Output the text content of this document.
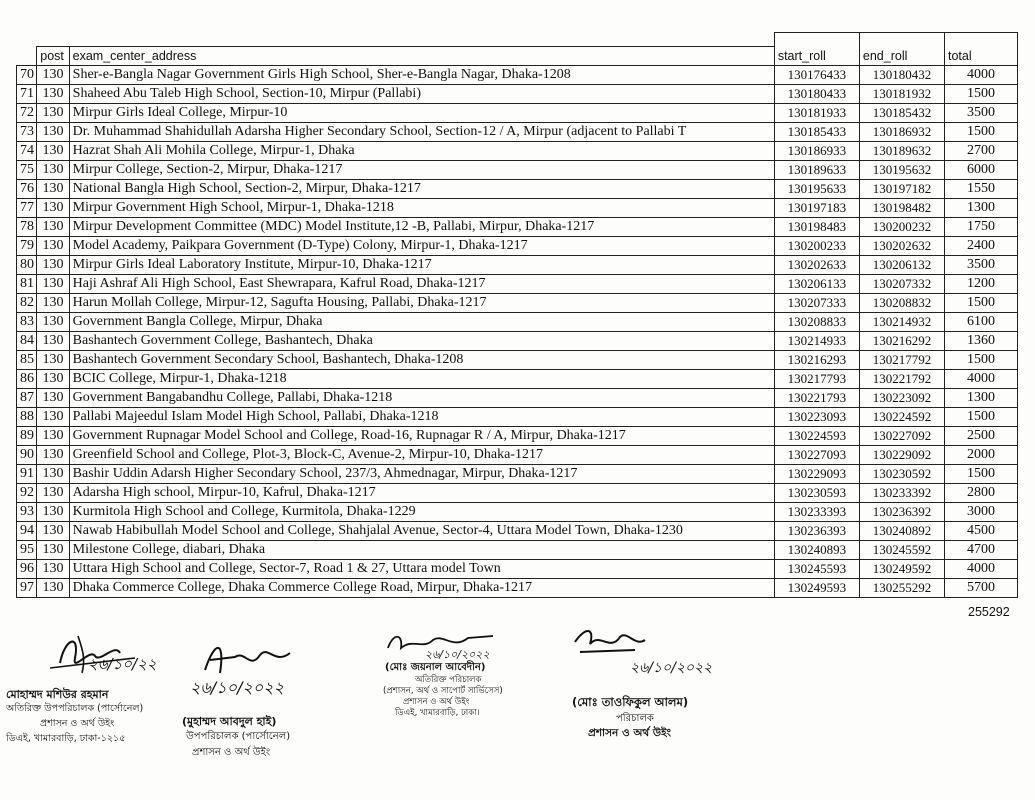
			start_roll	end_roll	total
	post	exam_center_address			
70	130	Sher-e-Bangla Nagar Government Girls High School, Sher-e-Bangla Nagar, Dhaka-1208	130176433	130180432	4000
71	130	Shaheed Abu Taleb High School, Section-10, Mirpur (Pallabi)	130180433	130181932	1500
72	130	Mirpur Girls Ideal College, Mirpur-10	130181933	130185432	3500
73	130	Dr. Muhammad Shahidullah Adarsha Higher Secondary School, Section-12 / A, Mirpur (adjacent to Pallabi T	130185433	130186932	1500
74	130	Hazrat Shah Ali Mohila College, Mirpur-1, Dhaka	130186933	130189632	2700
75	130	Mirpur College, Section-2, Mirpur, Dhaka-1217	130189633	130195632	6000
76	130	National Bangla High School, Section-2, Mirpur, Dhaka-1217	130195633	130197182	1550
77	130	Mirpur Government High School, Mirpur-1, Dhaka-1218	130197183	130198482	1300
78	130	Mirpur Development Committee (MDC) Model Institute,12 -B, Pallabi, Mirpur, Dhaka-1217	130198483	130200232	1750
79	130	Model Academy, Paikpara Government (D-Type) Colony, Mirpur-1, Dhaka-1217	130200233	130202632	2400
80	130	Mirpur Girls Ideal Laboratory Institute, Mirpur-10, Dhaka-1217	130202633	130206132	3500
81	130	Haji Ashraf Ali High School, East Shewrapara, Kafrul Road, Dhaka-1217	130206133	130207332	1200
82	130	Harun Mollah College, Mirpur-12, Sagufta Housing, Pallabi, Dhaka-1217	130207333	130208832	1500
83	130	Government Bangla College, Mirpur, Dhaka	130208833	130214932	6100
84	130	Bashantech Government College, Bashantech, Dhaka	130214933	130216292	1360
85	130	Bashantech Government Secondary School, Bashantech, Dhaka-1208	130216293	130217792	1500
86	130	BCIC College, Mirpur-1, Dhaka-1218	130217793	130221792	4000
87	130	Government Bangabandhu College, Pallabi, Dhaka-1218	130221793	130223092	1300
88	130	Pallabi Majeedul Islam Model High School, Pallabi, Dhaka-1218	130223093	130224592	1500
89	130	Government Rupnagar Model School and College, Road-16, Rupnagar R / A, Mirpur, Dhaka-1217	130224593	130227092	2500
90	130	Greenfield School and College, Plot-3, Block-C, Avenue-2, Mirpur-10, Dhaka-1217	130227093	130229092	2000
91	130	Bashir Uddin Adarsh Higher Secondary School, 237/3, Ahmednagar, Mirpur, Dhaka-1217	130229093	130230592	1500
92	130	Adarsha High school, Mirpur-10, Kafrul, Dhaka-1217	130230593	130233392	2800
93	130	Kurmitola High School and College, Kurmitola, Dhaka-1229	130233393	130236392	3000
94	130	Nawab Habibullah Model School and College, Shahjalal Avenue, Sector-4, Uttara Model Town, Dhaka-1230	130236393	130240892	4500
95	130	Milestone College, diabari, Dhaka	130240893	130245592	4700
96	130	Uttara High School and College, Sector-7, Road 1 & 27, Uttara model Town	130245593	130249592	4000
97	130	Dhaka Commerce College, Dhaka Commerce College Road, Mirpur, Dhaka-1217	130249593	130255292	5700
255292
২৬/১০/২২
মোহাম্মদ মশিউর রহমান
অতিরিক্ত উপপরিচালক (পার্সোনেল)
প্রশাসন ও অর্থ উইং
ডিএই, খামারবাড়ি, ঢাকা-১২১৫
২৬/১০/২০২২
(মুহাম্মদ আবদুল হাই)
উপপরিচালক (পার্সোনেল)
প্রশাসন ও অর্থ উইং
২৬/১০/২০২২
(মোঃ জয়নাল আবেদীন)
অতিরিক্ত পরিচালক
(প্রশাসন, অর্থ ও সাপোর্ট সার্ভিসেস)
প্রশাসন ও অর্থ উইং
ডিএই, খামারবাড়ি, ঢাকা।
২৬/১০/২০২২
(মোঃ তাওফিকুল আলম)
পরিচালক
প্রশাসন ও অর্থ উইং
